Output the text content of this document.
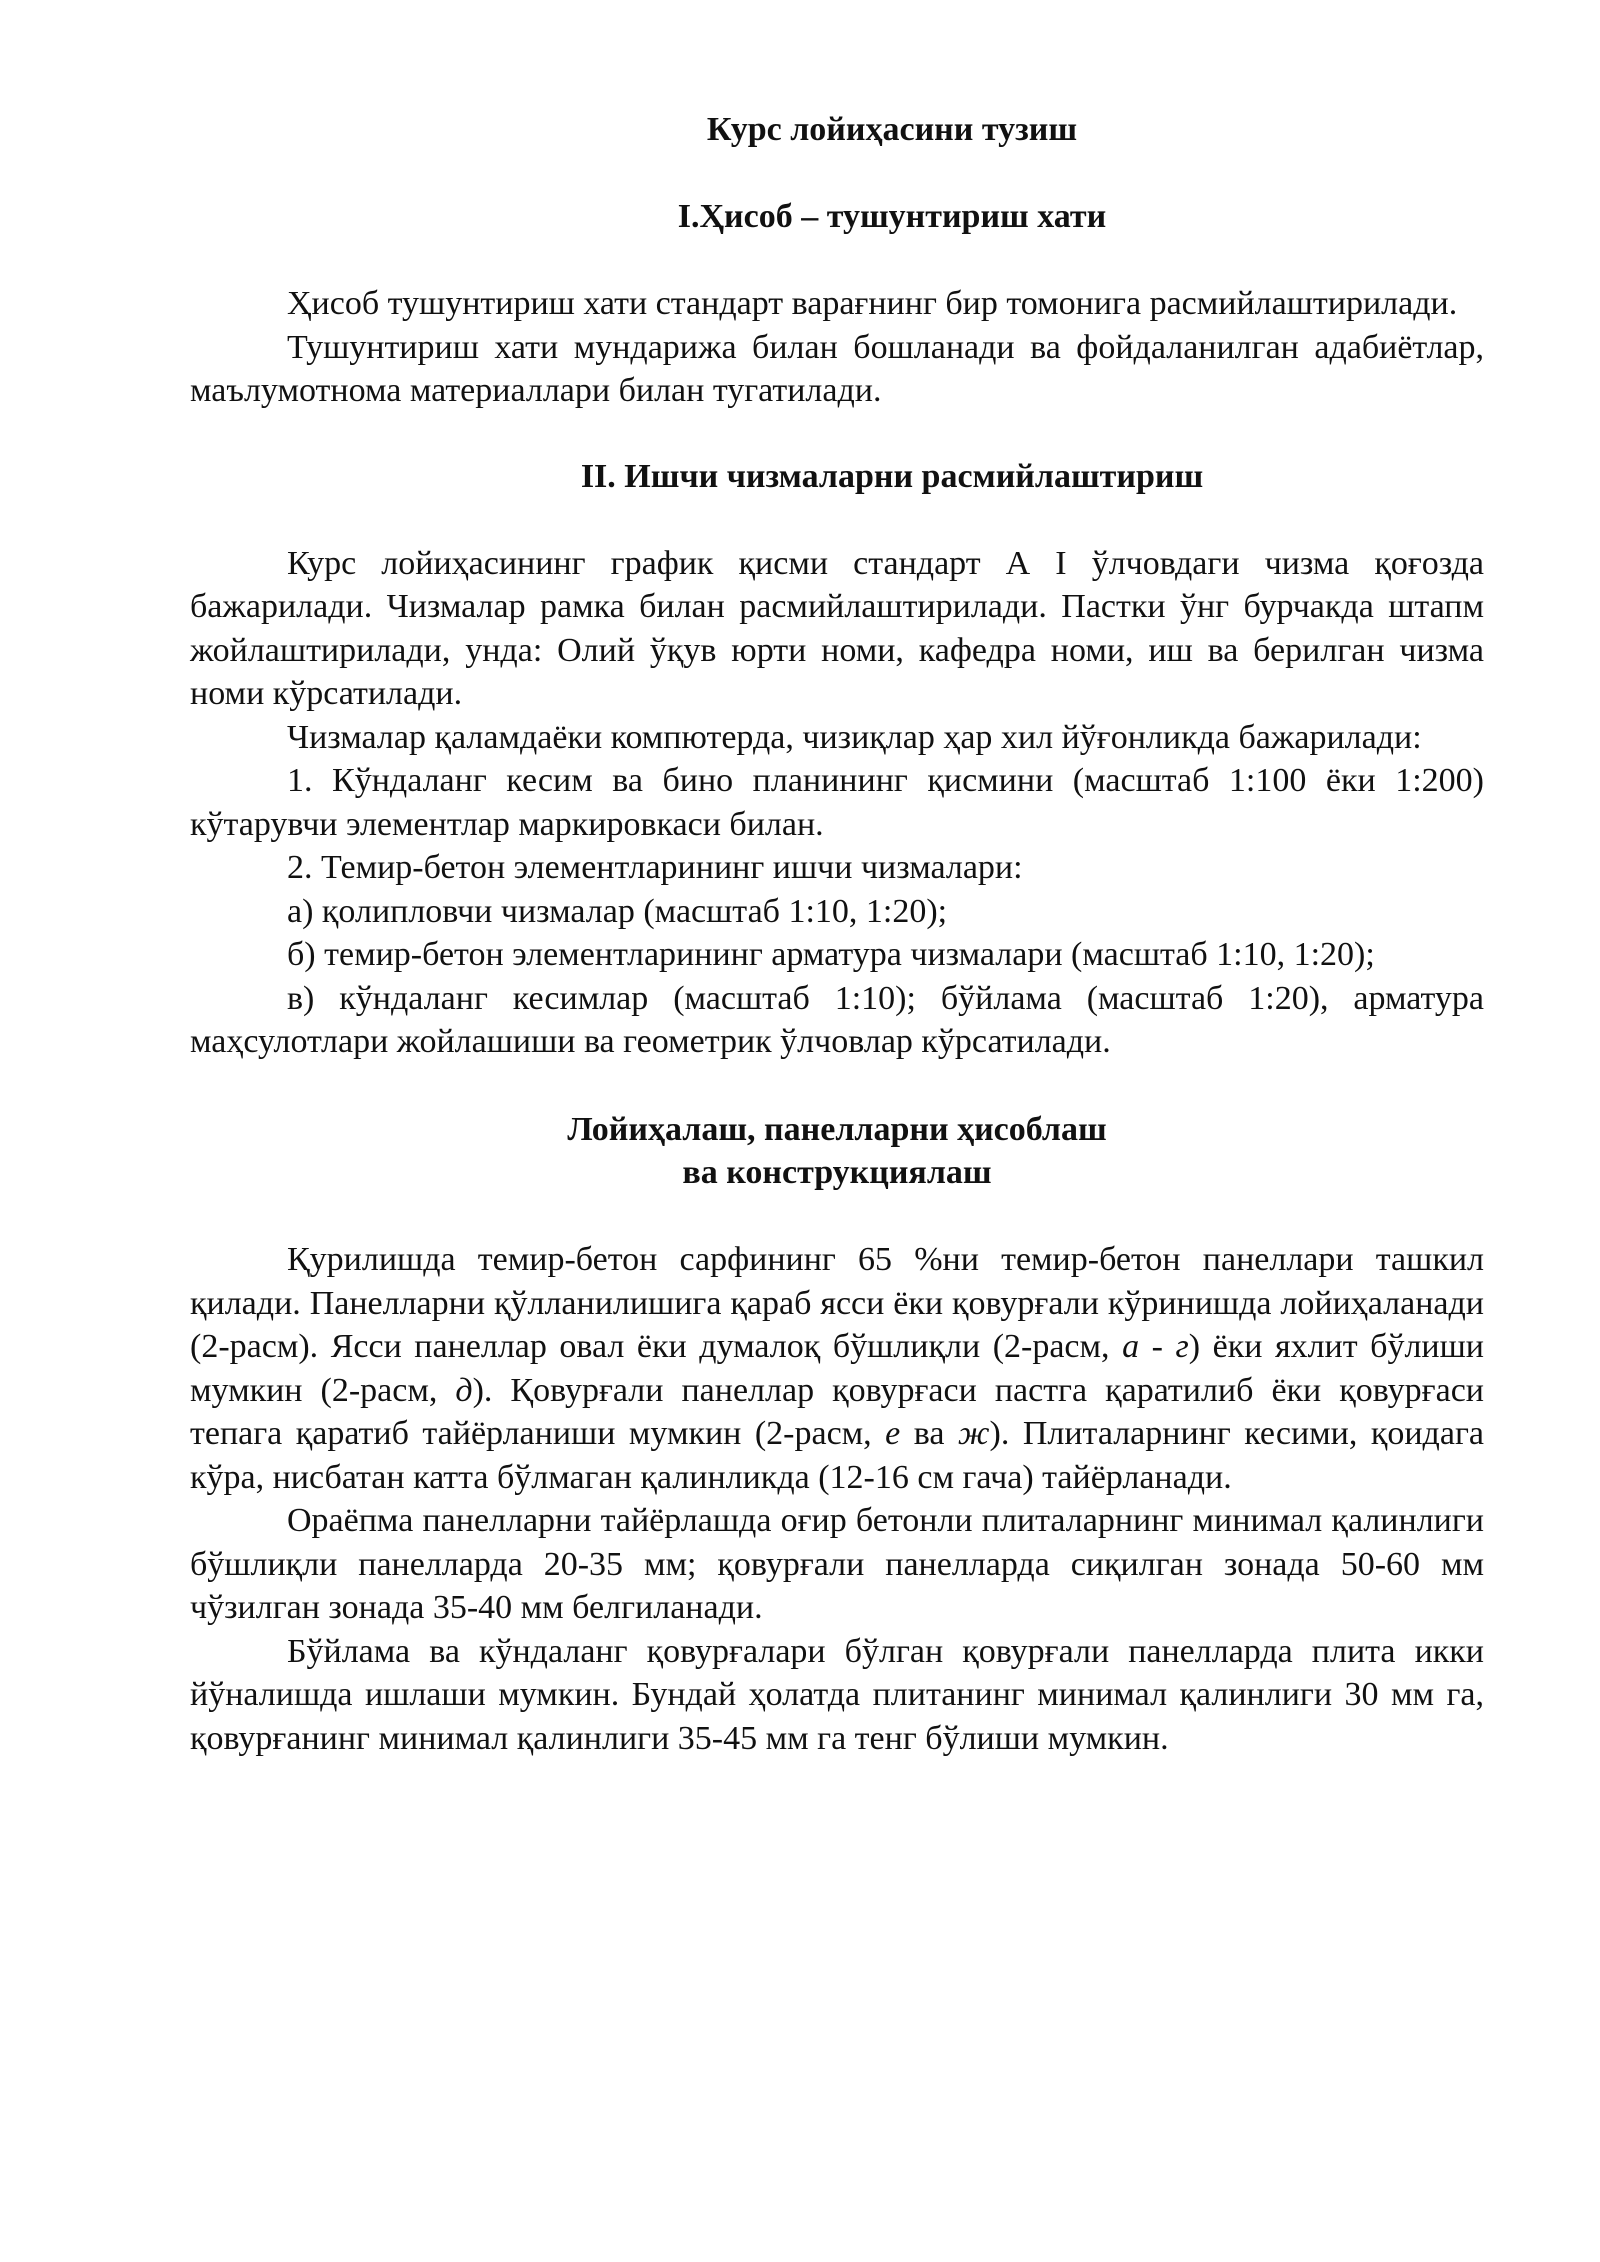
Курс лойиҳасини тузиш
I.Ҳисоб – тушунтириш хати

Ҳисоб тушунтириш хати стандарт варағнинг бир томонига расмийлаштирилади.

Тушунтириш хати мундарижа билан бошланади ва фойдаланилган адабиётлар, маълумотнома материаллари билан тугатилади.

II. Ишчи чизмаларни расмийлаштириш

Курс лойиҳасининг график қисми стандарт А I ўлчовдаги чизма қоғозда бажарилади. Чизмалар рамка билан расмийлаштирилади. Пастки ўнг бурчакда штапм жойлаштирилади, унда: Олий ўқув юрти номи, кафедра номи, иш ва берилган чизма номи кўрсатилади.

Чизмалар қаламдаёки компютерда, чизиқлар ҳар хил йўғонликда бажарилади:

1. Кўндаланг кесим ва бино планининг қисмини (масштаб 1:100 ёки 1:200) кўтарувчи элементлар маркировкаси билан.

2. Темир-бетон элементларининг ишчи чизмалари:

а) қолипловчи чизмалар (масштаб 1:10, 1:20);

б) темир-бетон элементларининг арматура чизмалари (масштаб 1:10, 1:20);

в) кўндаланг кесимлар (масштаб 1:10); бўйлама (масштаб 1:20), арматура маҳсулотлари жойлашиши ва геометрик ўлчовлар кўрсатилади.

Лойиҳалаш, панелларни ҳисоблаш
ва конструкциялаш

Қурилишда темир-бетон сарфининг 65 %ни темир-бетон панеллари ташкил қилади. Панелларни қўлланилишига қараб ясси ёки қовурғали кўринишда лойиҳаланади (2-расм). Ясси панеллар овал ёки думалоқ бўшлиқли (2-расм, а - г) ёки яхлит бўлиши мумкин (2-расм, д). Қовурғали панеллар қовурғаси пастга қаратилиб ёки қовурғаси тепага қаратиб тайёрланиши мумкин (2-расм, е ва ж). Плиталарнинг кесими, қоидага кўра, нисбатан катта бўлмаган қалинликда (12-16 см гача) тайёрланади.

Ораёпма панелларни тайёрлашда оғир бетонли плиталарнинг минимал қалинлиги бўшлиқли панелларда 20-35 мм; қовурғали панелларда сиқилган зонада 50-60 мм чўзилган зонада 35-40 мм белгиланади.

Бўйлама ва кўндаланг қовурғалари бўлган қовурғали панелларда плита икки йўналишда ишлаши мумкин. Бундай ҳолатда плитанинг минимал қалинлиги 30 мм га, қовурғанинг минимал қалинлиги 35-45 мм га тенг бўлиши мумкин.
